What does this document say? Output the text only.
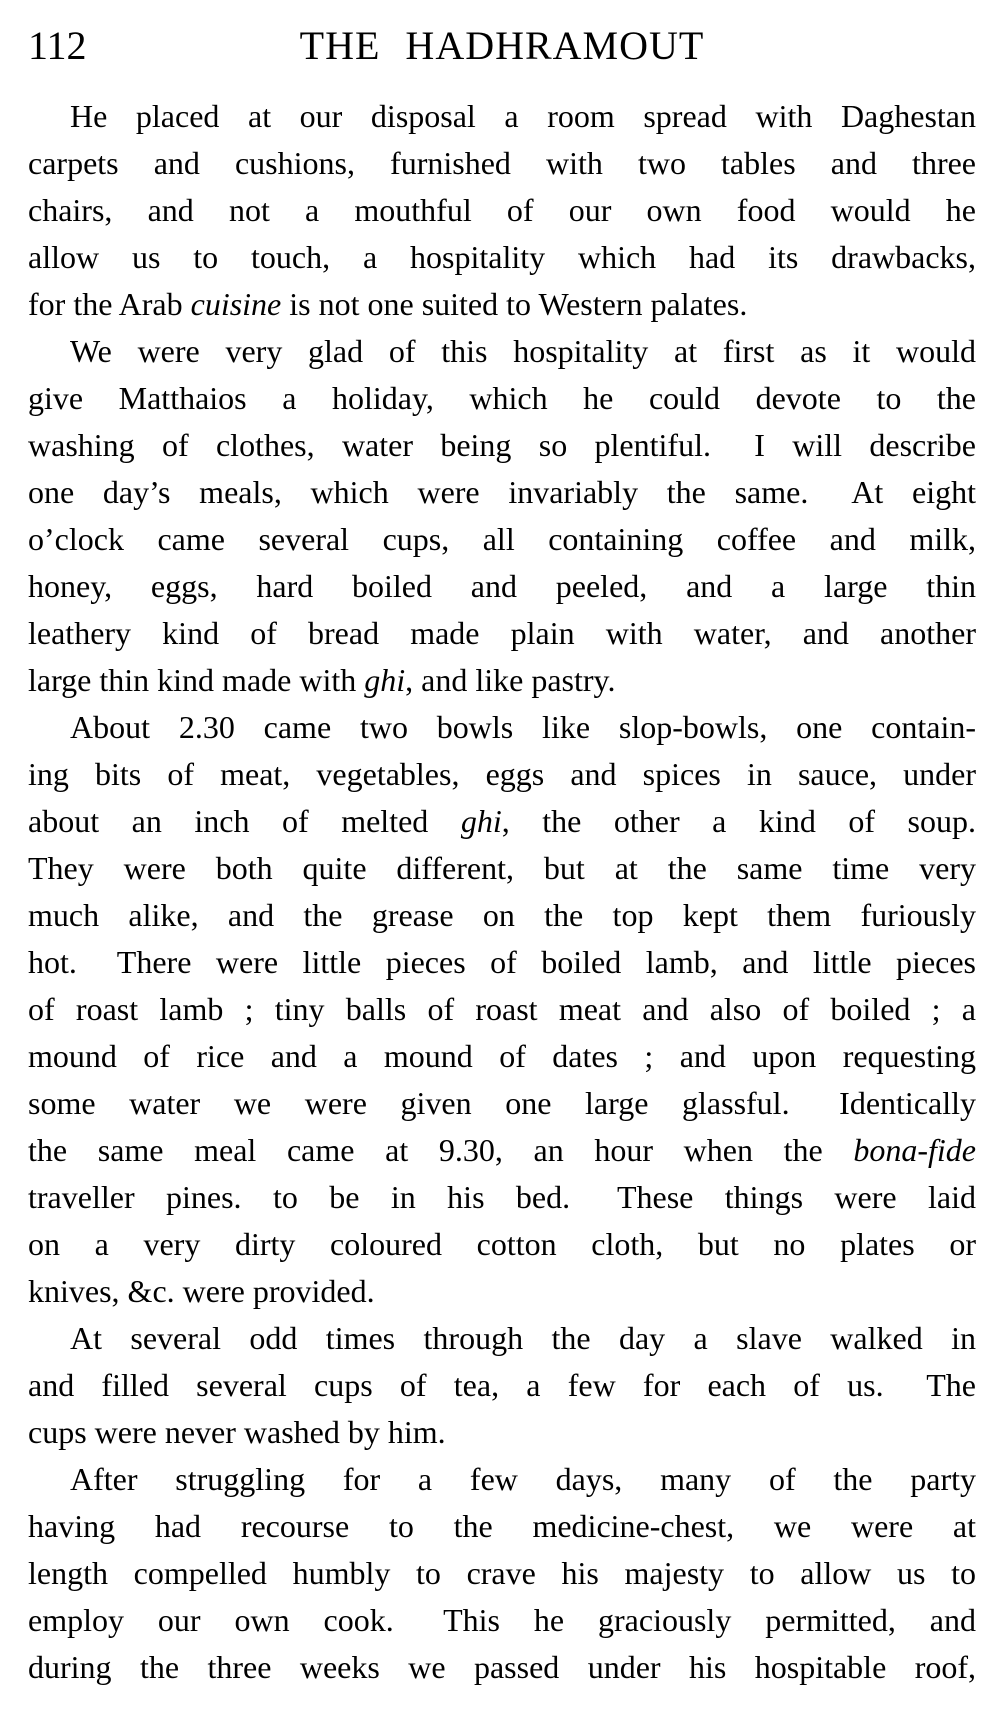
112	THE HADHRAMOUT
He placed at our disposal a room spread with Daghestan
carpets and cushions, furnished with two tables and three
chairs, and not a mouthful of our own food would he
allow us to touch, a hospitality which had its drawbacks,
for the Arab cuisine is not one suited to Western palates.
We were very glad of this hospitality at first as it would
give Matthaios a holiday, which he could devote to the
washing of clothes, water being so plentiful.  I will describe
one day’s meals, which were invariably the same.  At eight
o’clock came several cups, all containing coffee and milk,
honey, eggs, hard boiled and peeled, and a large thin
leathery kind of bread made plain with water, and another
large thin kind made with ghi, and like pastry.
About 2.30 came two bowls like slop-bowls, one contain-
ing bits of meat, vegetables, eggs and spices in sauce, under
about an inch of melted ghi, the other a kind of soup.
They were both quite different, but at the same time very
much alike, and the grease on the top kept them furiously
hot.  There were little pieces of boiled lamb, and little pieces
of roast lamb ; tiny balls of roast meat and also of boiled ; a
mound of rice and a mound of dates ; and upon requesting
some water we were given one large glassful.  Identically
the same meal came at 9.30, an hour when the bona-fide
traveller pines. to be in his bed.  These things were laid
on a very dirty coloured cotton cloth, but no plates or
knives, &c. were provided.
At several odd times through the day a slave walked in
and filled several cups of tea, a few for each of us.  The
cups were never washed by him.
After struggling for a few days, many of the party
having had recourse to the medicine-chest, we were at
length compelled humbly to crave his majesty to allow us to
employ our own cook.  This he graciously permitted, and
during the three weeks we passed under his hospitable roof,
